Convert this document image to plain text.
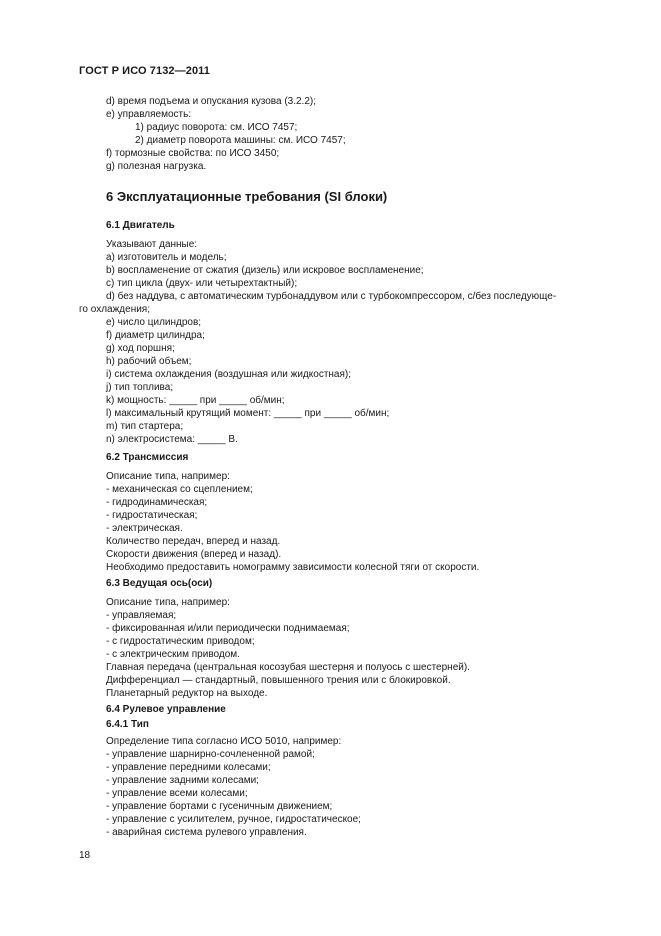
ГОСТ Р ИСО 7132—2011
d) время подъема и опускания кузова (3.2.2);
е) управляемость:
1) радиус поворота: см. ИСО 7457;
2) диаметр поворота машины: см. ИСО 7457;
f) тормозные свойства: по ИСО 3450;
g) полезная нагрузка.
6 Эксплуатационные требования (SI блоки)
6.1 Двигатель
Указывают данные:
а) изготовитель и модель;
b) воспламенение от сжатия (дизель) или искровое воспламенение;
с) тип цикла (двух- или четырехтактный);
d) без наддува, с автоматическим турбонаддувом или с турбокомпрессором, с/без последующе-
го охлаждения;
е) число цилиндров;
f) диаметр цилиндра;
g) ход поршня;
h) рабочий объем;
i) система охлаждения (воздушная или жидкостная);
j) тип топлива;
k) мощность: _____ при _____ об/мин;
l) максимальный крутящий момент: _____ при _____ об/мин;
m) тип стартера;
n) электросистема: _____ В.
6.2 Трансмиссия
Описание типа, например:
- механическая со сцеплением;
- гидродинамическая;
- гидростатическая;
- электрическая.
Количество передач, вперед и назад.
Скорости движения (вперед и назад).
Необходимо предоставить номограмму зависимости колесной тяги от скорости.
6.3 Ведущая ось(оси)
Описание типа, например:
- управляемая;
- фиксированная и/или периодически поднимаемая;
- с гидростатическим приводом;
- с электрическим приводом.
Главная передача (центральная косозубая шестерня и полуось с шестерней).
Дифференциал — стандартный, повышенного трения или с блокировкой.
Планетарный редуктор на выходе.
6.4 Рулевое управление
6.4.1 Тип
Определение типа согласно ИСО 5010, например:
- управление шарнирно-сочлененной рамой;
- управление передними колесами;
- управление задними колесами;
- управление всеми колесами;
- управление бортами с гусеничным движением;
- управление с усилителем, ручное, гидростатическое;
- аварийная система рулевого управления.
18
